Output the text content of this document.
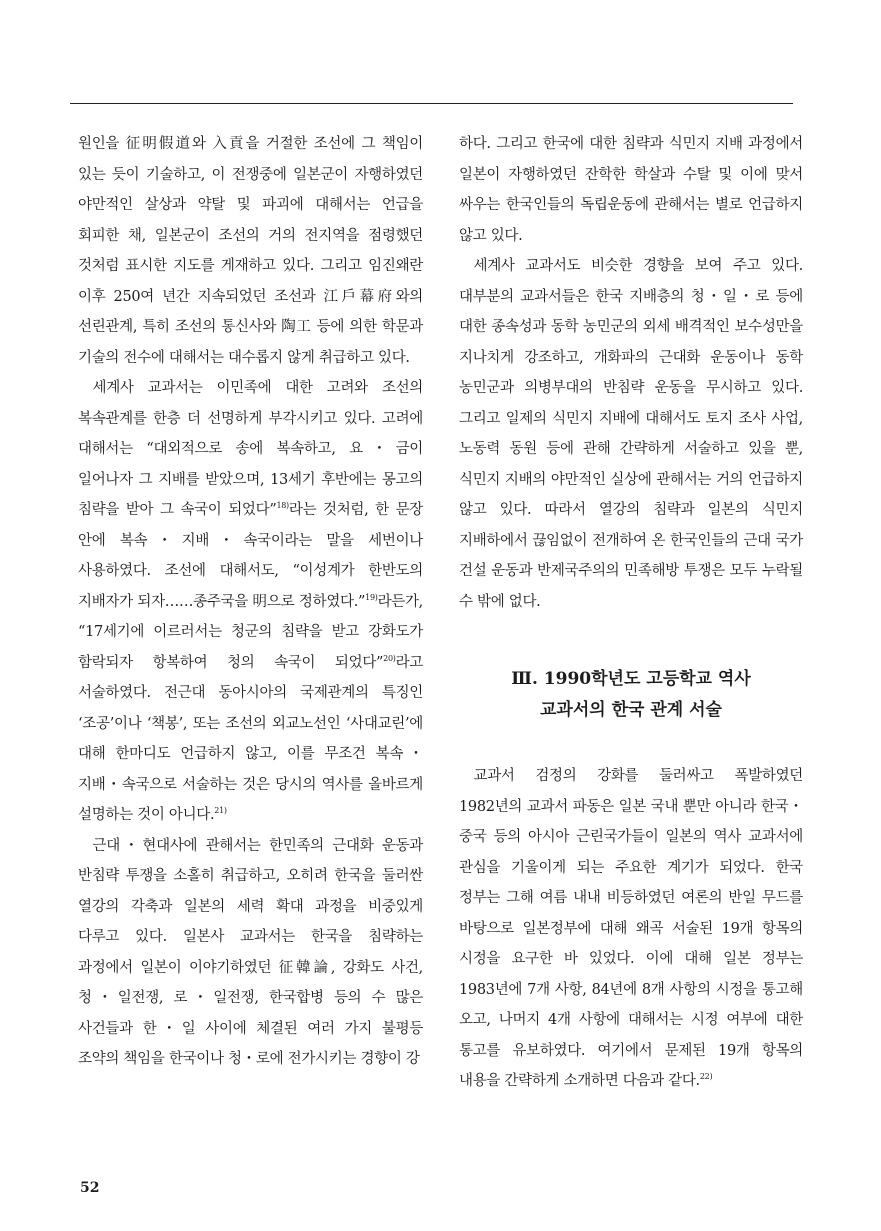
원인을 征明假道와 入貢을 거절한 조선에 그 책임이 있는 듯이 기술하고, 이 전쟁중에 일본군이 자행하였던 야만적인 살상과 약탈 및 파괴에 대해서는 언급을 회피한 채, 일본군이 조선의 거의 전지역을 점령했던 것처럼 표시한 지도를 게재하고 있다. 그리고 임진왜란 이후 250여 년간 지속되었던 조선과 江戶幕府와의 선린관계, 특히 조선의 통신사와 陶工 등에 의한 학문과 기술의 전수에 대해서는 대수롭지 않게 취급하고 있다.

세계사 교과서는 이민족에 대한 고려와 조선의 복속관계를 한층 더 선명하게 부각시키고 있다. 고려에 대해서는 “대외적으로 송에 복속하고, 요・금이 일어나자 그 지배를 받았으며, 13세기 후반에는 몽고의 침략을 받아 그 속국이 되었다”$^{18)}$라는 것처럼, 한 문장 안에 복속・지배・속국이라는 말을 세번이나 사용하였다. 조선에 대해서도, “이성계가 한반도의 지배자가 되자……종주국을 明으로 정하였다.”$^{19)}$라든가, “17세기에 이르러서는 청군의 침략을 받고 강화도가 함락되자 항복하여 청의 속국이 되었다”$^{20)}$라고 서술하였다. 전근대 동아시아의 국제관계의 특징인 ‘조공’이나 ‘책봉’, 또는 조선의 외교노선인 ‘사대교린’에 대해 한마디도 언급하지 않고, 이를 무조건 복속・지배・속국으로 서술하는 것은 당시의 역사를 올바르게 설명하는 것이 아니다.$^{21)}$

근대・현대사에 관해서는 한민족의 근대화 운동과 반침략 투쟁을 소홀히 취급하고, 오히려 한국을 둘러싼 열강의 각축과 일본의 세력 확대 과정을 비중있게 다루고 있다. 일본사 교과서는 한국을 침략하는 과정에서 일본이 이야기하였던 征韓論, 강화도 사건, 청・일전쟁, 로・일전쟁, 한국합병 등의 수 많은 사건들과 한・일 사이에 체결된 여러 가지 불평등 조약의 책임을 한국이나 청・로에 전가시키는 경향이 강

하다. 그리고 한국에 대한 침략과 식민지 지배 과정에서 일본이 자행하였던 잔학한 학살과 수탈 및 이에 맞서 싸우는 한국인들의 독립운동에 관해서는 별로 언급하지 않고 있다.

세계사 교과서도 비슷한 경향을 보여 주고 있다. 대부분의 교과서들은 한국 지배층의 청・일・로 등에 대한 종속성과 동학 농민군의 외세 배격적인 보수성만을 지나치게 강조하고, 개화파의 근대화 운동이나 동학 농민군과 의병부대의 반침략 운동을 무시하고 있다. 그리고 일제의 식민지 지배에 대해서도 토지 조사 사업, 노동력 동원 등에 관해 간략하게 서술하고 있을 뿐, 식민지 지배의 야만적인 실상에 관해서는 거의 언급하지 않고 있다. 따라서 열강의 침략과 일본의 식민지 지배하에서 끊임없이 전개하여 온 한국인들의 근대 국가 건설 운동과 반제국주의의 민족해방 투쟁은 모두 누락될 수 밖에 없다.

Ⅲ. 1990학년도 고등학교 역사
교과서의 한국 관계 서술

교과서 검정의 강화를 둘러싸고 폭발하였던 1982년의 교과서 파동은 일본 국내 뿐만 아니라 한국・중국 등의 아시아 근린국가들이 일본의 역사 교과서에 관심을 기울이게 되는 주요한 계기가 되었다. 한국 정부는 그해 여름 내내 비등하였던 여론의 반일 무드를 바탕으로 일본정부에 대해 왜곡 서술된 19개 항목의 시정을 요구한 바 있었다. 이에 대해 일본 정부는 1983년에 7개 사항, 84년에 8개 사항의 시정을 통고해 오고, 나머지 4개 사항에 대해서는 시정 여부에 대한 통고를 유보하였다. 여기에서 문제된 19개 항목의 내용을 간략하게 소개하면 다음과 같다.$^{22)}$

52
